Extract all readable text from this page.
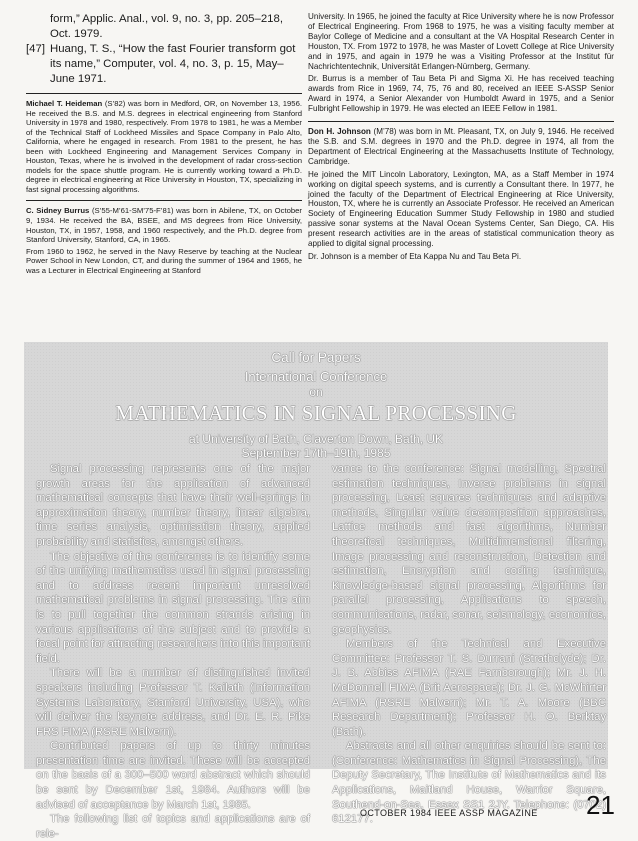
form,” Applic. Anal., vol. 9, no. 3, pp. 205–218, Oct. 1979.
[47] Huang, T. S., “How the fast Fourier transform got its name,” Computer, vol. 4, no. 3, p. 15, May–June 1971.

Michael T. Heideman (S’82) was born in Medford, OR, on November 13, 1956. He received the B.S. and M.S. degrees in electrical engineering from Stanford University in 1978 and 1980, respectively. From 1978 to 1981, he was a Member of the Technical Staff of Lockheed Missiles and Space Company in Palo Alto, California, where he engaged in research. From 1981 to the present, he has been with Lockheed Engineering and Management Services Company in Houston, Texas, where he is involved in the development of radar cross-section models for the space shuttle program. He is currently working toward a Ph.D. degree in electrical engineering at Rice University in Houston, TX, specializing in fast signal processing algorithms.

C. Sidney Burrus (S’55-M’61-SM’75-F’81) was born in Abilene, TX, on October 9, 1934. He received the BA, BSEE, and MS degrees from Rice University, Houston, TX, in 1957, 1958, and 1960 respectively, and the Ph.D. degree from Stanford University, Stanford, CA, in 1965.

From 1960 to 1962, he served in the Navy Reserve by teaching at the Nuclear Power School in New London, CT, and during the summer of 1964 and 1965, he was a Lecturer in Electrical Engineering at Stanford

University. In 1965, he joined the faculty at Rice University where he is now Professor of Electrical Engineering. From 1968 to 1975, he was a visiting faculty member at Baylor College of Medicine and a consultant at the VA Hospital Research Center in Houston, TX. From 1972 to 1978, he was Master of Lovett College at Rice University and in 1975, and again in 1979 he was a Visiting Professor at the Institut für Nachrichtentechnik, Universität Erlangen-Nürnberg, Germany.

Dr. Burrus is a member of Tau Beta Pi and Sigma Xi. He has received teaching awards from Rice in 1969, 74, 75, 76 and 80, received an IEEE S-ASSP Senior Award in 1974, a Senior Alexander von Humboldt Award in 1975, and a Senior Fulbright Fellowship in 1979. He was elected an IEEE Fellow in 1981.

Don H. Johnson (M’78) was born in Mt. Pleasant, TX, on July 9, 1946. He received the S.B. and S.M. degrees in 1970 and the Ph.D. degree in 1974, all from the Department of Electrical Engineering at the Massachusetts Institute of Technology, Cambridge.

He joined the MIT Lincoln Laboratory, Lexington, MA, as a Staff Member in 1974 working on digital speech systems, and is currently a Consultant there. In 1977, he joined the faculty of the Department of Electrical Engineering at Rice University, Houston, TX, where he is currently an Associate Professor. He received an American Society of Engineering Education Summer Study Fellowship in 1980 and studied passive sonar systems at the Naval Ocean Systems Center, San Diego, CA. His present research activities are in the areas of statistical communication theory as applied to digital signal processing.

Dr. Johnson is a member of Eta Kappa Nu and Tau Beta Pi.

Call for Papers
International Conference
on
MATHEMATICS IN SIGNAL PROCESSING
at University of Bath, Claverton Down, Bath, UK
September 17th–19th, 1985

Signal processing represents one of the major growth areas for the application of advanced mathematical concepts that have their well-springs in approximation theory, number theory, linear algebra, time series analysis, optimisation theory, applied probability and statistics, amongst others.

The objective of the conference is to identify some of the unifying mathematics used in signal processing and to address recent important unresolved mathematical problems in signal processing. The aim is to pull together the common strands arising in various applications of the subject and to provide a focal point for attracting researchers into this important field.

There will be a number of distinguished invited speakers including Professor T. Kailath (Information Systems Laboratory, Stanford University, USA), who will deliver the keynote address, and Dr. E. R. Pike FRS FIMA (RSRE Malvern).

Contributed papers of up to thirty minutes presentation time are invited. These will be accepted on the basis of a 300–500 word abstract which should be sent by December 1st, 1984. Authors will be advised of acceptance by March 1st, 1985.

The following list of topics and applications are of rele-

vance to the conference: Signal modelling, Spectral estimation techniques, Inverse problems in signal processing, Least squares techniques and adaptive methods, Singular value decomposition approaches, Lattice methods and fast algorithms, Number theoretical techniques, Multidimensional filtering, Image processing and reconstruction, Detection and estimation, Encryption and coding technique, Knowledge-based signal processing, Algorithms for parallel processing, Applications to speech, communications, radar, sonar, seismology, economics, geophysics.

Members of the Technical and Executive Committee: Professor T. S. Durrani (Strathclyde); Dr. J. B. Abbiss AFIMA (RAE Farnborough); Mr. J. H. McDonnell FIMA (Brit Aerospace); Dr. J. G. McWhirter AFIMA (RSRE Malvern); Mr. T. A. Moore (BBC Research Department); Professor H. O. Berktay (Bath).

Abstracts and all other enquiries should be sent to: (Conference: Mathematics in Signal Processing), The Deputy Secretary, The Institute of Mathematics and its Applications, Maitland House, Warrior Square, Southend-on-Sea, Essex SS1 2JY. Telephone: (0702) 612177.

OCTOBER 1984 IEEE ASSP MAGAZINE 21
